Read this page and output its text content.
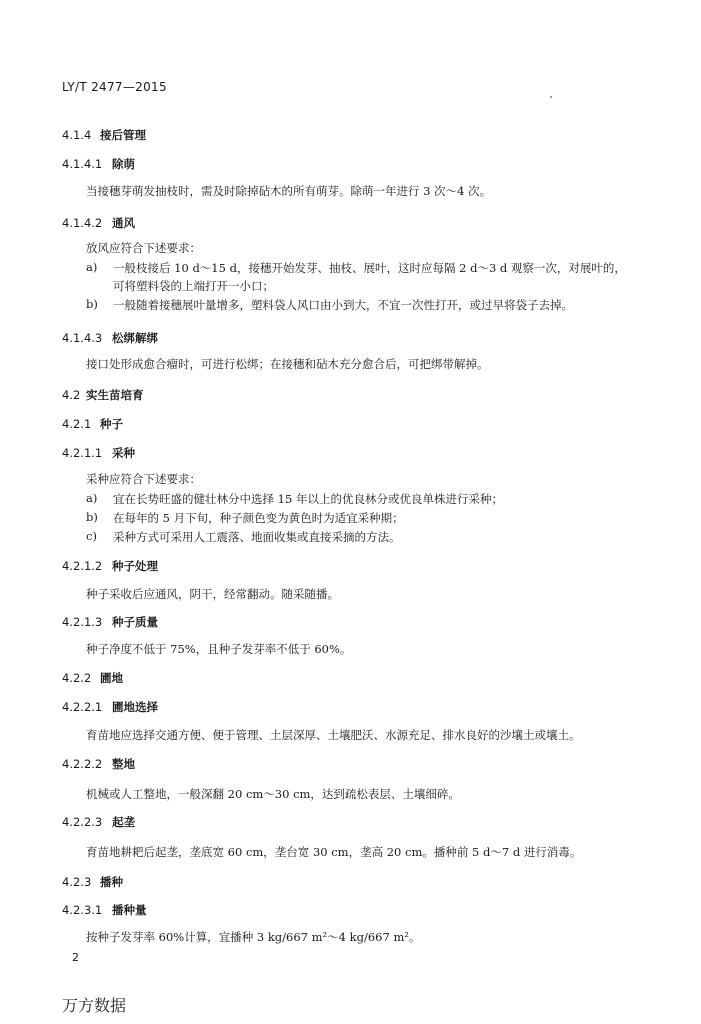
LY/T 2477—2015
4.1.4 接后管理
4.1.4.1 除萌
当接穗芽萌发抽枝时，需及时除掉砧木的所有萌芽。除萌一年进行 3 次～4 次。
4.1.4.2 通风
放风应符合下述要求：
a) 一般枝接后 10 d～15 d，接穗开始发芽、抽枝、展叶，这时应每隔 2 d～3 d 观察一次，对展叶的，
可将塑料袋的上端打开一小口；
b) 一般随着接穗展叶量增多，塑料袋人风口由小到大，不宜一次性打开，或过早将袋子去掉。
4.1.4.3 松绑解绑
接口处形成愈合瘤时，可进行松绑；在接穗和砧木充分愈合后，可把绑带解掉。
4.2 实生苗培育
4.2.1 种子
4.2.1.1 采种
采种应符合下述要求：
a) 宜在长势旺盛的健壮林分中选择 15 年以上的优良林分或优良单株进行采种；
b) 在每年的 5 月下旬，种子颜色变为黄色时为适宜采种期；
c) 采种方式可采用人工震落、地面收集或直接采摘的方法。
4.2.1.2 种子处理
种子采收后应通风，阴干，经常翻动。随采随播。
4.2.1.3 种子质量
种子净度不低于 75%，且种子发芽率不低于 60%。
4.2.2 圃地
4.2.2.1 圃地选择
育苗地应选择交通方便、便于管理、土层深厚、土壤肥沃、水源充足、排水良好的沙壤土或壤土。
4.2.2.2 整地
机械或人工整地，一般深翻 20 cm～30 cm，达到疏松表层、土壤细碎。
4.2.2.3 起垄
育苗地耕耙后起垄，垄底宽 60 cm，垄台宽 30 cm，垄高 20 cm。播种前 5 d～7 d 进行消毒。
4.2.3 播种
4.2.3.1 播种量
按种子发芽率 60%计算，宜播种 3 kg/667 m²～4 kg/667 m²。
2
万方数据
